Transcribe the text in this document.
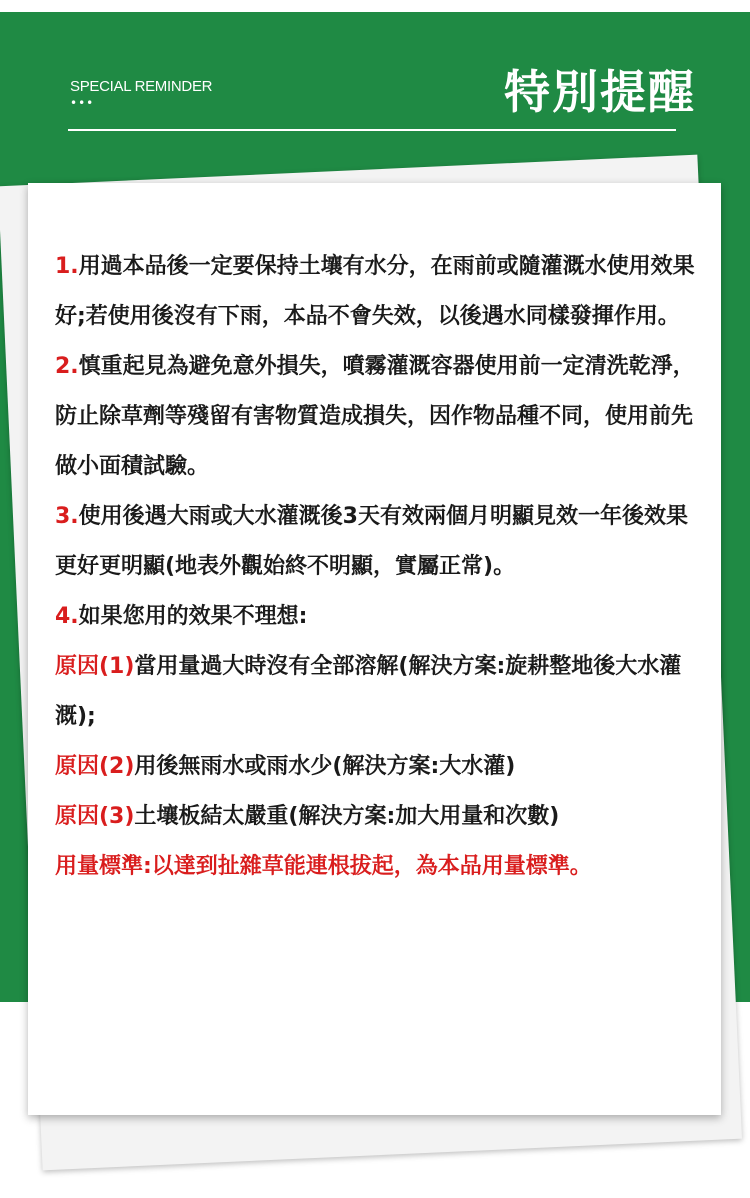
SPECIAL REMINDER
•••	特別提醒

1.用過本品後一定要保持土壤有水分，在雨前或隨灌溉水使用效果好;若使用後沒有下雨，本品不會失效，以後遇水同樣發揮作用。

2.慎重起見為避免意外損失，噴霧灌溉容器使用前一定清洗乾淨，防止除草劑等殘留有害物質造成損失，因作物品種不同，使用前先做小面積試驗。

3.使用後遇大雨或大水灌溉後3天有效兩個月明顯見效一年後效果更好更明顯(地表外觀始終不明顯，實屬正常)。

4.如果您用的效果不理想:

原因(1)當用量過大時沒有全部溶解(解決方案:旋耕整地後大水灌溉);

原因(2)用後無雨水或雨水少(解決方案:大水灌)

原因(3)土壤板結太嚴重(解決方案:加大用量和次數)

用量標準:以達到扯雜草能連根拔起，為本品用量標準。
